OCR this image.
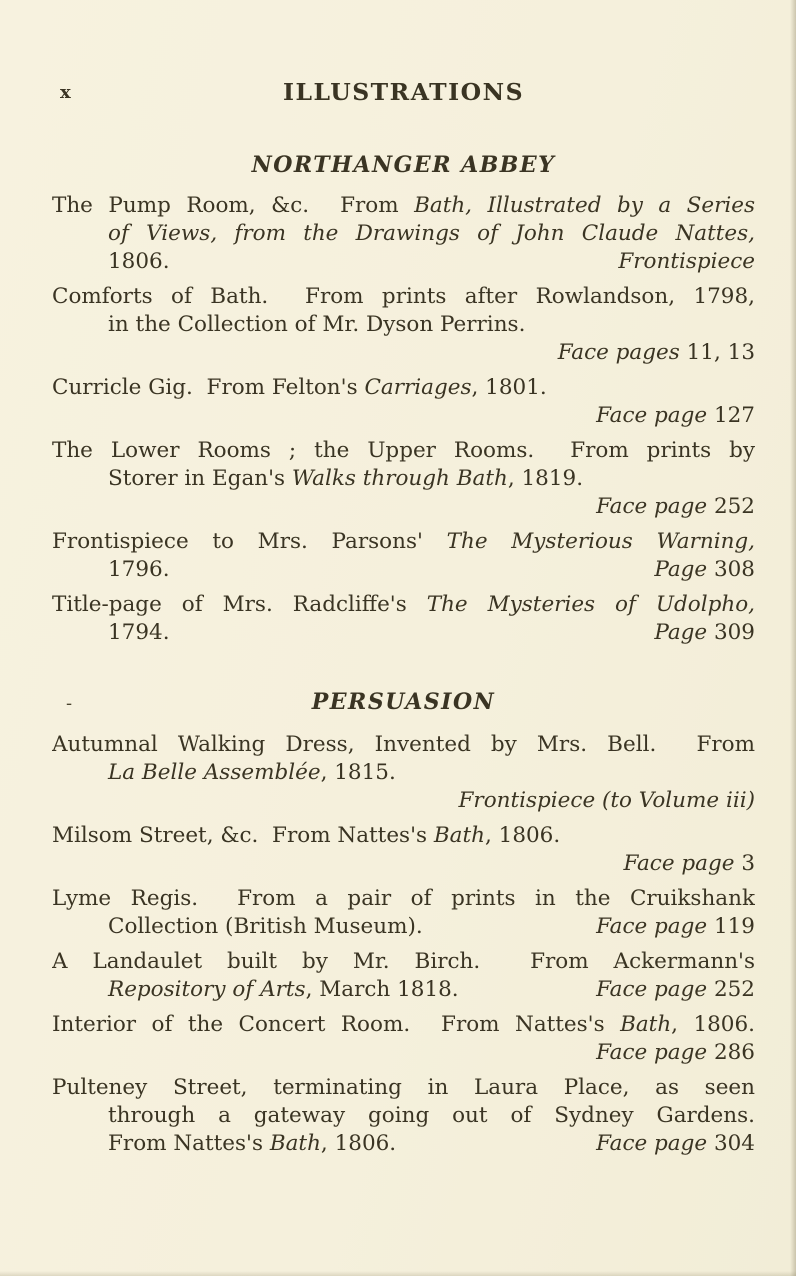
x	ILLUSTRATIONS
NORTHANGER ABBEY
The Pump Room, &c.  From Bath, Illustrated by a Series
of Views, from the Drawings of John Claude Nattes,
1806.	Frontispiece
Comforts of Bath.  From prints after Rowlandson, 1798,
in the Collection of Mr. Dyson Perrins.
Face pages 11, 13
Curricle Gig.  From Felton's Carriages, 1801.
Face page 127
The Lower Rooms ; the Upper Rooms.  From prints by
Storer in Egan's Walks through Bath, 1819.
Face page 252
Frontispiece to Mrs. Parsons' The Mysterious Warning,
1796.	Page 308
Title-page of Mrs. Radcliffe's The Mysteries of Udolpho,
1794.	Page 309
PERSUASION
-
Autumnal Walking Dress, Invented by Mrs. Bell.  From
La Belle Assemblée, 1815.
Frontispiece (to Volume iii)
Milsom Street, &c.  From Nattes's Bath, 1806.
Face page 3
Lyme Regis.  From a pair of prints in the Cruikshank
Collection (British Museum).	Face page 119
A Landaulet built by Mr. Birch.  From Ackermann's
Repository of Arts, March 1818.	Face page 252
Interior of the Concert Room.  From Nattes's Bath, 1806.
Face page 286
Pulteney Street, terminating in Laura Place, as seen
through a gateway going out of Sydney Gardens.
From Nattes's Bath, 1806.	Face page 304
